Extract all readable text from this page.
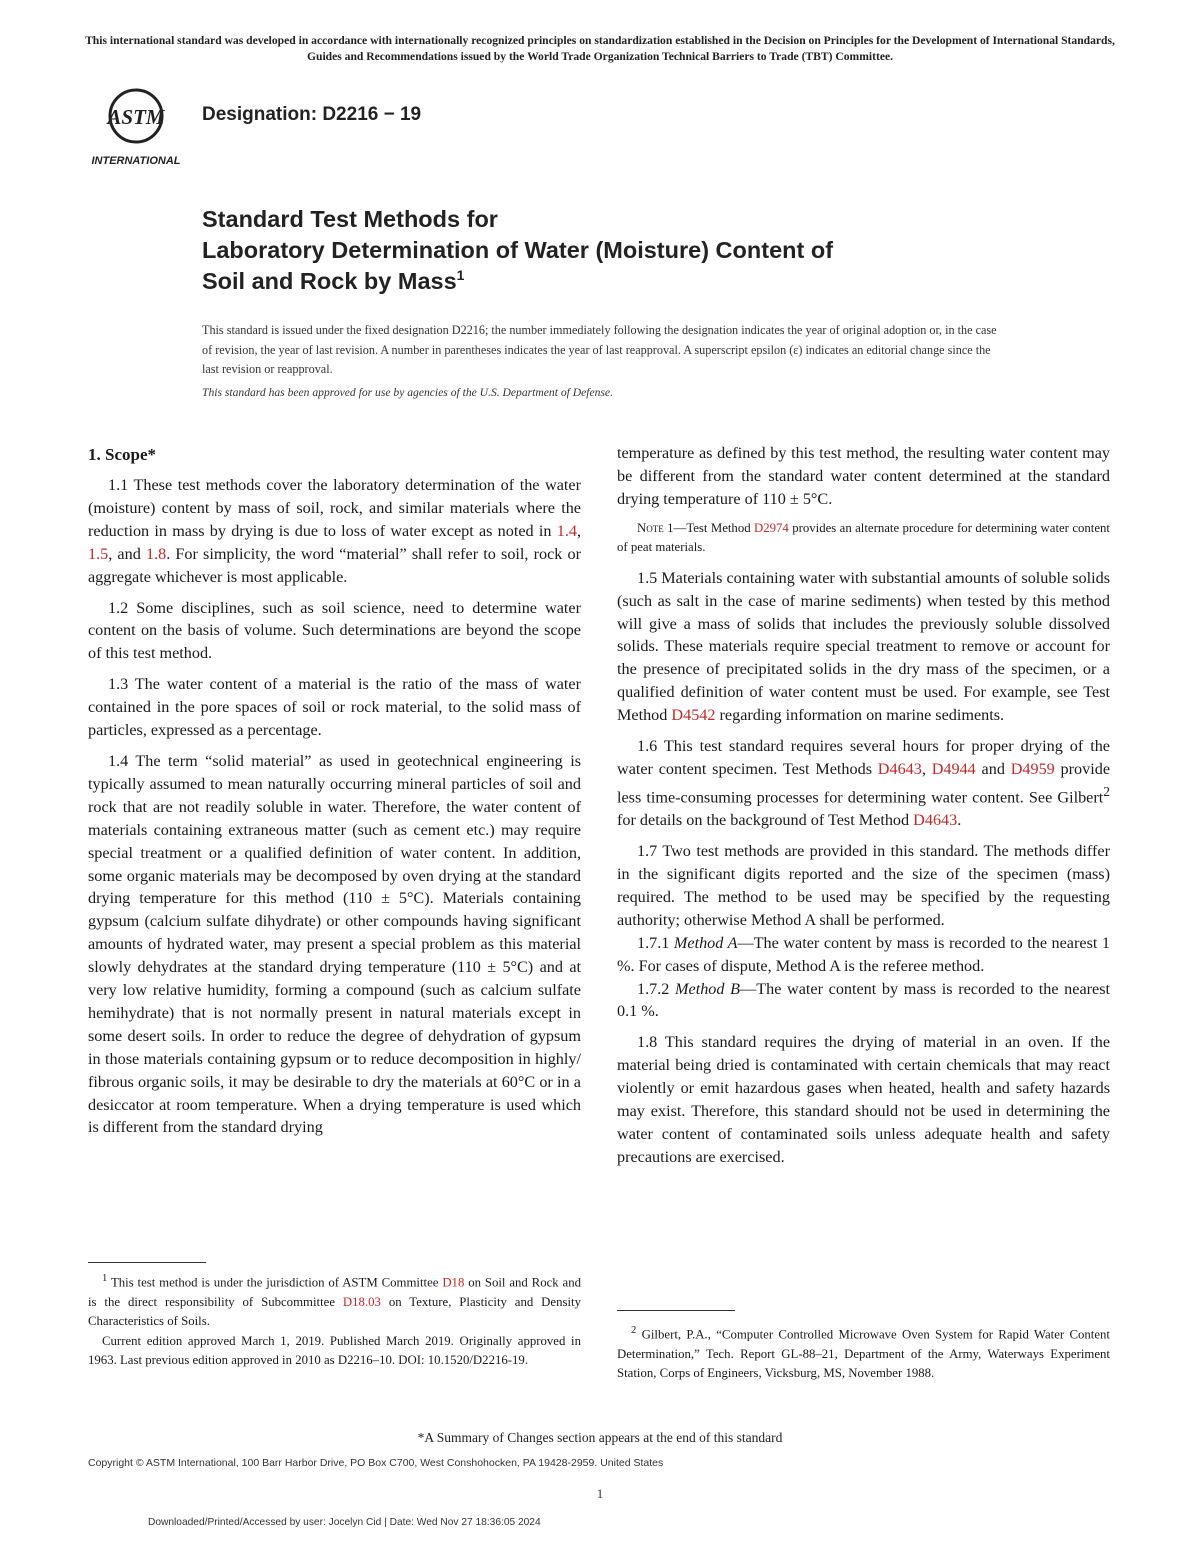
This international standard was developed in accordance with internationally recognized principles on standardization established in the Decision on Principles for the Development of International Standards, Guides and Recommendations issued by the World Trade Organization Technical Barriers to Trade (TBT) Committee.
ASTM
INTERNATIONAL
Designation: D2216 − 19
Standard Test Methods for
Laboratory Determination of Water (Moisture) Content of
Soil and Rock by Mass$^1$
This standard is issued under the fixed designation D2216; the number immediately following the designation indicates the year of original adoption or, in the case of revision, the year of last revision. A number in parentheses indicates the year of last reapproval. A superscript epsilon (ε) indicates an editorial change since the last revision or reapproval.
This standard has been approved for use by agencies of the U.S. Department of Defense.
1. Scope*

1.1 These test methods cover the laboratory determination of the water (moisture) content by mass of soil, rock, and similar materials where the reduction in mass by drying is due to loss of water except as noted in 1.4, 1.5, and 1.8. For simplicity, the word “material” shall refer to soil, rock or aggregate whichever is most applicable.

1.2 Some disciplines, such as soil science, need to determine water content on the basis of volume. Such determinations are beyond the scope of this test method.

1.3 The water content of a material is the ratio of the mass of water contained in the pore spaces of soil or rock material, to the solid mass of particles, expressed as a percentage.

1.4 The term “solid material” as used in geotechnical engineering is typically assumed to mean naturally occurring mineral particles of soil and rock that are not readily soluble in water. Therefore, the water content of materials containing extraneous matter (such as cement etc.) may require special treatment or a qualified definition of water content. In addition, some organic materials may be decomposed by oven drying at the standard drying temperature for this method (110 ± 5°C). Materials containing gypsum (calcium sulfate dihydrate) or other compounds having significant amounts of hydrated water, may present a special problem as this material slowly dehydrates at the standard drying temperature (110 ± 5°C) and at very low relative humidity, forming a compound (such as calcium sulfate hemihydrate) that is not normally present in natural materials except in some desert soils. In order to reduce the degree of dehydration of gypsum in those materials containing gypsum or to reduce decomposition in highly/ fibrous organic soils, it may be desirable to dry the materials at 60°C or in a desiccator at room temperature. When a drying temperature is used which is different from the standard drying

$^1$ This test method is under the jurisdiction of ASTM Committee D18 on Soil and Rock and is the direct responsibility of Subcommittee D18.03 on Texture, Plasticity and Density Characteristics of Soils.

Current edition approved March 1, 2019. Published March 2019. Originally approved in 1963. Last previous edition approved in 2010 as D2216–10. DOI: 10.1520/D2216-19.

temperature as defined by this test method, the resulting water content may be different from the standard water content determined at the standard drying temperature of 110 ± 5°C.

Note 1—Test Method D2974 provides an alternate procedure for determining water content of peat materials.

1.5 Materials containing water with substantial amounts of soluble solids (such as salt in the case of marine sediments) when tested by this method will give a mass of solids that includes the previously soluble dissolved solids. These materials require special treatment to remove or account for the presence of precipitated solids in the dry mass of the specimen, or a qualified definition of water content must be used. For example, see Test Method D4542 regarding information on marine sediments.

1.6 This test standard requires several hours for proper drying of the water content specimen. Test Methods D4643, D4944 and D4959 provide less time-consuming processes for determining water content. See Gilbert$^2$ for details on the background of Test Method D4643.

1.7 Two test methods are provided in this standard. The methods differ in the significant digits reported and the size of the specimen (mass) required. The method to be used may be specified by the requesting authority; otherwise Method A shall be performed.

1.7.1 Method A—The water content by mass is recorded to the nearest 1 %. For cases of dispute, Method A is the referee method.

1.7.2 Method B—The water content by mass is recorded to the nearest 0.1 %.

1.8 This standard requires the drying of material in an oven. If the material being dried is contaminated with certain chemicals that may react violently or emit hazardous gases when heated, health and safety hazards may exist. Therefore, this standard should not be used in determining the water content of contaminated soils unless adequate health and safety precautions are exercised.

$^2$ Gilbert, P.A., “Computer Controlled Microwave Oven System for Rapid Water Content Determination,” Tech. Report GL-88–21, Department of the Army, Waterways Experiment Station, Corps of Engineers, Vicksburg, MS, November 1988.

*A Summary of Changes section appears at the end of this standard
Copyright © ASTM International, 100 Barr Harbor Drive, PO Box C700, West Conshohocken, PA 19428-2959. United States
1
Downloaded/Printed/Accessed by user: Jocelyn Cid | Date: Wed Nov 27 18:36:05 2024
